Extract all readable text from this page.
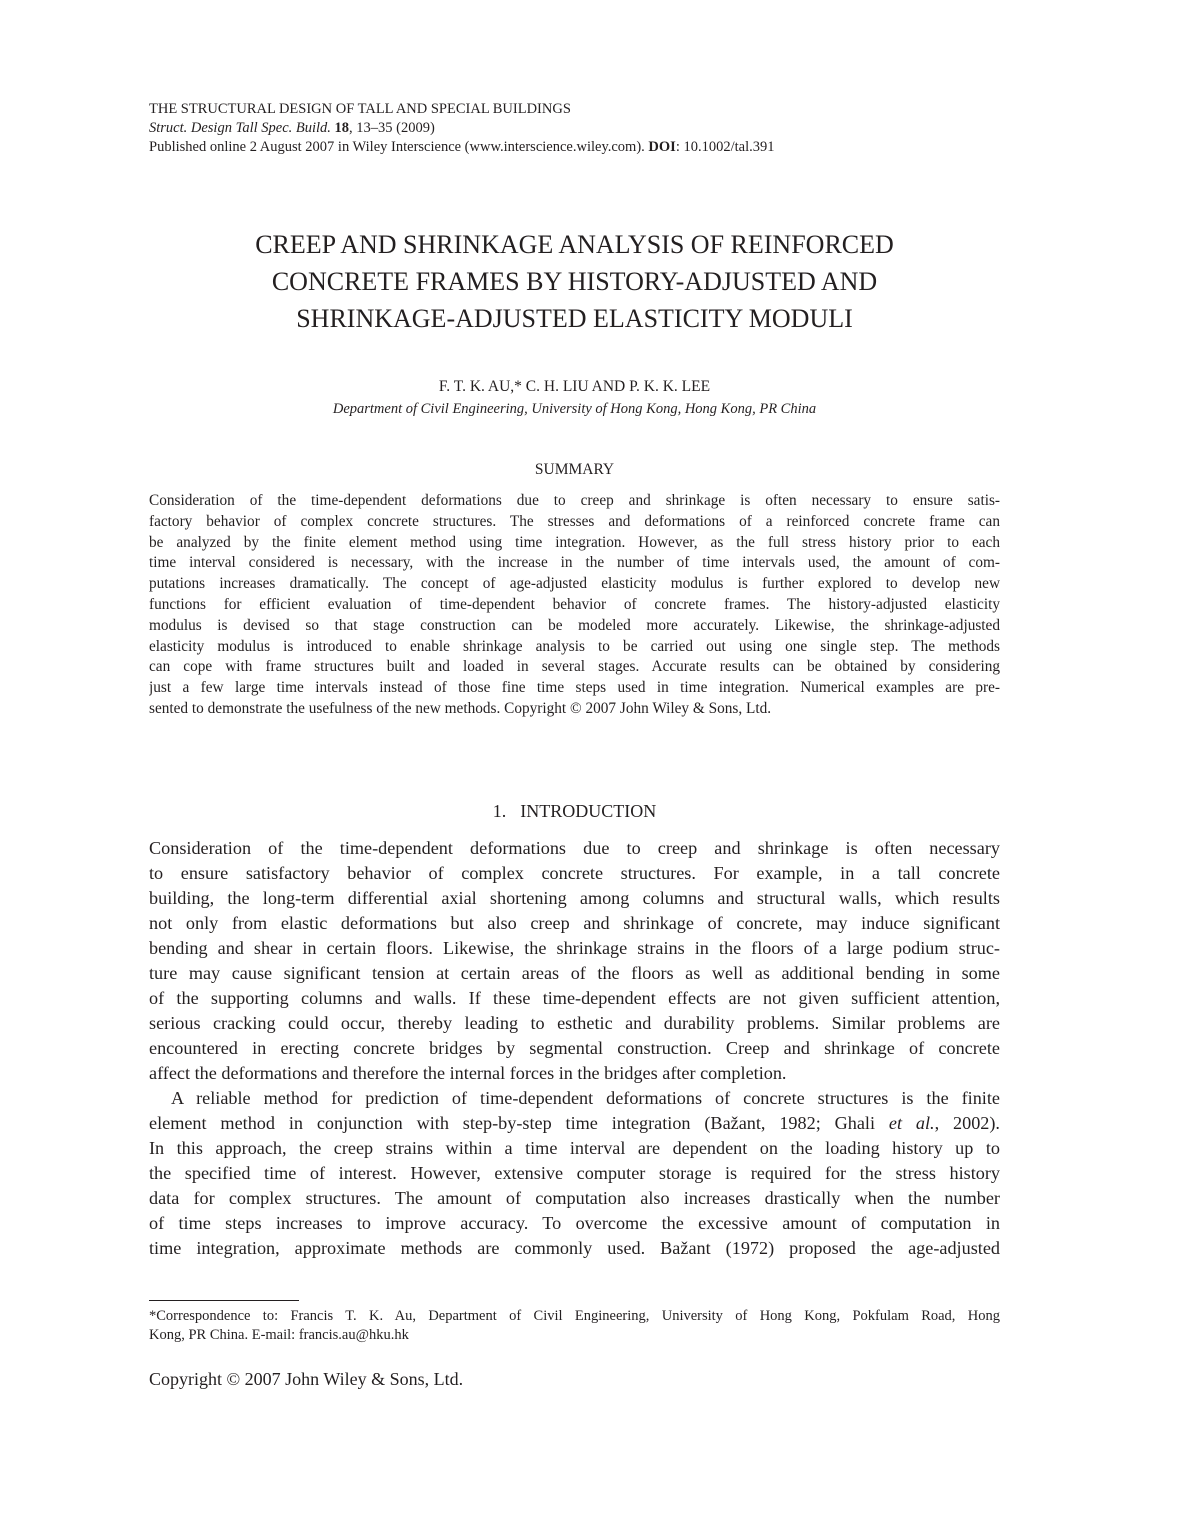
THE STRUCTURAL DESIGN OF TALL AND SPECIAL BUILDINGS
Struct. Design Tall Spec. Build. 18, 13–35 (2009)
Published online 2 August 2007 in Wiley Interscience (www.interscience.wiley.com). DOI: 10.1002/tal.391
CREEP AND SHRINKAGE ANALYSIS OF REINFORCED
CONCRETE FRAMES BY HISTORY-ADJUSTED AND
SHRINKAGE-ADJUSTED ELASTICITY MODULI
F. T. K. AU,* C. H. LIU AND P. K. K. LEE
Department of Civil Engineering, University of Hong Kong, Hong Kong, PR China
SUMMARY
Consideration of the time-dependent deformations due to creep and shrinkage is often necessary to ensure satis-
factory behavior of complex concrete structures. The stresses and deformations of a reinforced concrete frame can
be analyzed by the finite element method using time integration. However, as the full stress history prior to each
time interval considered is necessary, with the increase in the number of time intervals used, the amount of com-
putations increases dramatically. The concept of age-adjusted elasticity modulus is further explored to develop new
functions for efficient evaluation of time-dependent behavior of concrete frames. The history-adjusted elasticity
modulus is devised so that stage construction can be modeled more accurately. Likewise, the shrinkage-adjusted
elasticity modulus is introduced to enable shrinkage analysis to be carried out using one single step. The methods
can cope with frame structures built and loaded in several stages. Accurate results can be obtained by considering
just a few large time intervals instead of those fine time steps used in time integration. Numerical examples are pre-
sented to demonstrate the usefulness of the new methods. Copyright © 2007 John Wiley & Sons, Ltd.
1. INTRODUCTION
Consideration of the time-dependent deformations due to creep and shrinkage is often necessary
to ensure satisfactory behavior of complex concrete structures. For example, in a tall concrete
building, the long-term differential axial shortening among columns and structural walls, which results
not only from elastic deformations but also creep and shrinkage of concrete, may induce significant
bending and shear in certain floors. Likewise, the shrinkage strains in the floors of a large podium struc-
ture may cause significant tension at certain areas of the floors as well as additional bending in some
of the supporting columns and walls. If these time-dependent effects are not given sufficient attention,
serious cracking could occur, thereby leading to esthetic and durability problems. Similar problems are
encountered in erecting concrete bridges by segmental construction. Creep and shrinkage of concrete
affect the deformations and therefore the internal forces in the bridges after completion.
A reliable method for prediction of time-dependent deformations of concrete structures is the finite
element method in conjunction with step-by-step time integration (Bažant, 1982; Ghali et al., 2002).
In this approach, the creep strains within a time interval are dependent on the loading history up to
the specified time of interest. However, extensive computer storage is required for the stress history
data for complex structures. The amount of computation also increases drastically when the number
of time steps increases to improve accuracy. To overcome the excessive amount of computation in
time integration, approximate methods are commonly used. Bažant (1972) proposed the age-adjusted
*Correspondence to: Francis T. K. Au, Department of Civil Engineering, University of Hong Kong, Pokfulam Road, Hong
Kong, PR China. E-mail: francis.au@hku.hk
Copyright © 2007 John Wiley & Sons, Ltd.
